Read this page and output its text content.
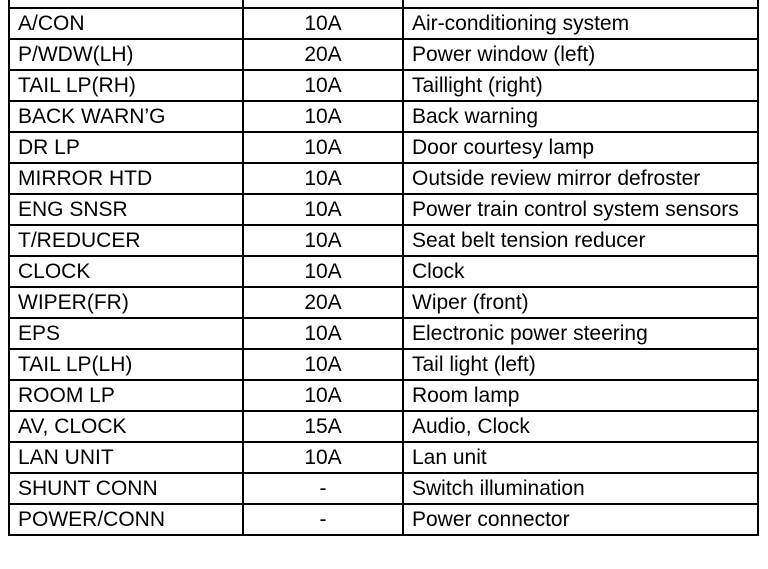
A/CON	10A	Air-conditioning system
P/WDW(LH)	20A	Power window (left)
TAIL LP(RH)	10A	Taillight (right)
BACK WARN’G	10A	Back warning
DR LP	10A	Door courtesy lamp
MIRROR HTD	10A	Outside review mirror defroster
ENG SNSR	10A	Power train control system sensors
T/REDUCER	10A	Seat belt tension reducer
CLOCK	10A	Clock
WIPER(FR)	20A	Wiper (front)
EPS	10A	Electronic power steering
TAIL LP(LH)	10A	Tail light (left)
ROOM LP	10A	Room lamp
AV, CLOCK	15A	Audio, Clock
LAN UNIT	10A	Lan unit
SHUNT CONN	-	Switch illumination
POWER/CONN	-	Power connector
